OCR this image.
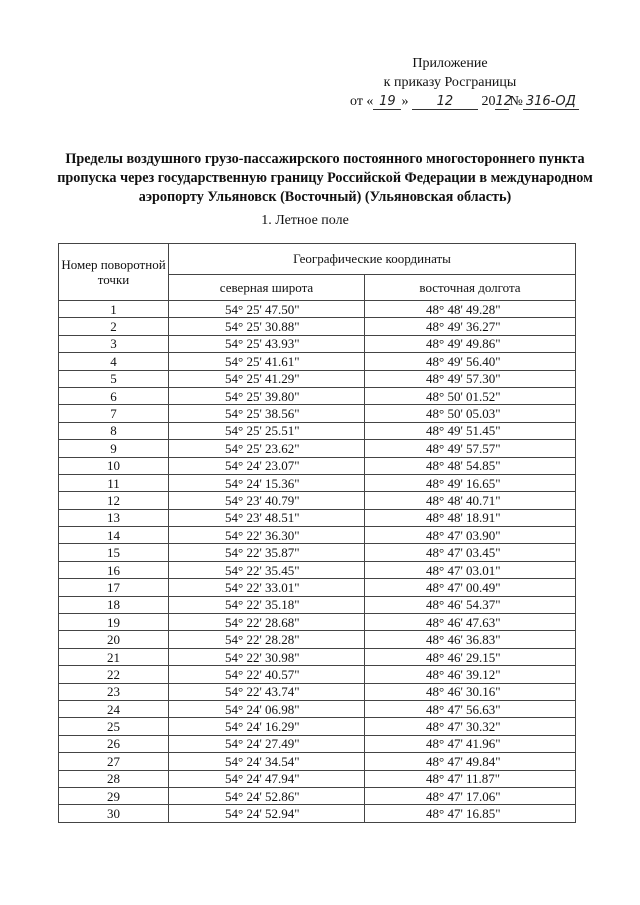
Приложение
к приказу Росграницы
от « 19 » 12 2012№ 316-ОД
Пределы воздушного грузо-пассажирского постоянного многостороннего пункта пропуска через государственную границу Российской Федерации в международном аэропорту Ульяновск (Восточный) (Ульяновская область)
1. Летное поле
Номер поворотной точки	Географические координаты	
	северная широта	восточная долгота
1	54° 25' 47.50"	48° 48' 49.28"
2	54° 25' 30.88"	48° 49' 36.27"
3	54° 25' 43.93"	48° 49' 49.86"
4	54° 25' 41.61"	48° 49' 56.40"
5	54° 25' 41.29"	48° 49' 57.30"
6	54° 25' 39.80"	48° 50' 01.52"
7	54° 25' 38.56"	48° 50' 05.03"
8	54° 25' 25.51"	48° 49' 51.45"
9	54° 25' 23.62"	48° 49' 57.57"
10	54° 24' 23.07"	48° 48' 54.85"
11	54° 24' 15.36"	48° 49' 16.65"
12	54° 23' 40.79"	48° 48' 40.71"
13	54° 23' 48.51"	48° 48' 18.91"
14	54° 22' 36.30"	48° 47' 03.90"
15	54° 22' 35.87"	48° 47' 03.45"
16	54° 22' 35.45"	48° 47' 03.01"
17	54° 22' 33.01"	48° 47' 00.49"
18	54° 22' 35.18"	48° 46' 54.37"
19	54° 22' 28.68"	48° 46' 47.63"
20	54° 22' 28.28"	48° 46' 36.83"
21	54° 22' 30.98"	48° 46' 29.15"
22	54° 22' 40.57"	48° 46' 39.12"
23	54° 22' 43.74"	48° 46' 30.16"
24	54° 24' 06.98"	48° 47' 56.63"
25	54° 24' 16.29"	48° 47' 30.32"
26	54° 24' 27.49"	48° 47' 41.96"
27	54° 24' 34.54"	48° 47' 49.84"
28	54° 24' 47.94"	48° 47' 11.87"
29	54° 24' 52.86"	48° 47' 17.06"
30	54° 24' 52.94"	48° 47' 16.85"
